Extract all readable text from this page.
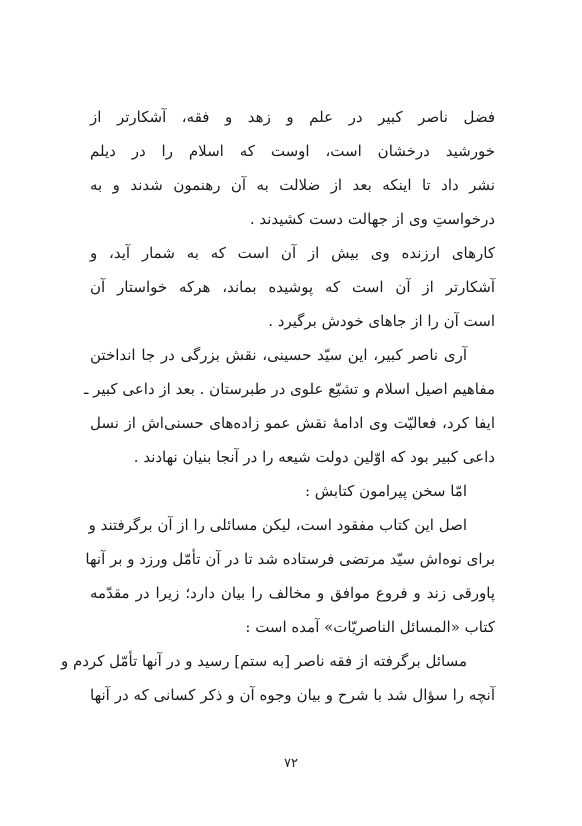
فضل ناصر كبير در علم و زهد و فقه، آشكارتر از
خورشيد درخشان است، اوست كه اسلام را در ديلم
نشر داد تا اينكه بعد از ضلالت به آن رهنمون شدند و به
درخواستِ وى از جهالت دست كشيدند .
كارهاى ارزنده وى بيش از آن است كه به شمار آيد، و
آشكارتر از آن است كه پوشيده بماند، هركه خواستار آن
است آن را از جاهاى خودش برگيرد .
آرى ناصر كبير، اين سيّد حسينى، نقش بزرگى در جا انداختن
مفاهيم اصيل اسلام و تشيّع علوى در طبرستان . بعد از داعى كبير ـ
ايفا كرد، فعاليّت وى ادامۀ نقش عمو زاده‌هاى حسنى‌اش از نسل
داعى كبير بود كه اوّلين دولت شيعه را در آنجا بنيان نهادند .
امّا سخن پيرامون كتابش :
اصل اين كتاب مفقود است، ليكن مسائلى را از آن برگرفتند و
براى نوه‌اش سيّد مرتضى فرستاده شد تا در آن تأمّل ورزد و بر آنها
پاورقى زند و فروع موافق و مخالف را بيان دارد؛ زيرا در مقدّمه
كتاب «المسائل الناصريّات» آمده است :
مسائل برگرفته از فقه ناصر [به ستم] رسيد و در آنها تأمّل كردم و
آنچه را سؤال شد با شرح و بيان وجوه آن و ذكر كسانى كه در آنها
٧٢
